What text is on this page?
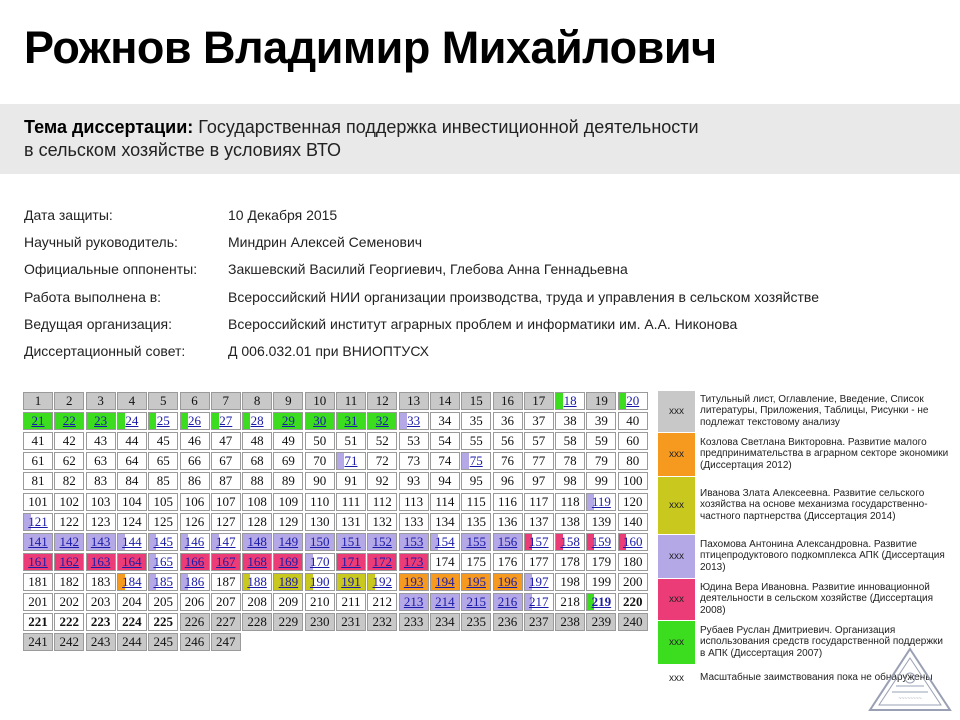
Рожнов Владимир Михайлович
Тема диссертации: Государственная поддержка инвестиционной деятельности
в сельском хозяйстве в условиях ВТО
Дата защиты:	10 Декабря 2015
Научный руководитель:	Миндрин Алексей Семенович
Официальные оппоненты:	Закшевский Василий Георгиевич, Глебова Анна Геннадьевна
Работа выполнена в:	Всероссийский НИИ организации производства, труда и управления в сельском хозяйстве
Ведущая организация:	Всероссийский институт аграрных проблем и информатики им. А.А. Никонова
Диссертационный совет:	Д 006.032.01 при ВНИОПТУСХ
1	2	3	4	5	6	7	8	9	10	11	12	13	14	15	16	17	18	19	20
21	22	23	24	25	26	27	28	29	30	31	32	33	34	35	36	37	38	39	40
41	42	43	44	45	46	47	48	49	50	51	52	53	54	55	56	57	58	59	60
61	62	63	64	65	66	67	68	69	70	71	72	73	74	75	76	77	78	79	80
81	82	83	84	85	86	87	88	89	90	91	92	93	94	95	96	97	98	99	100
101 102 103 104 105 106 107 108 109 110 111 112 113 114 115 116 117 118 119 120
121 122 123 124 125 126 127 128 129 130 131 132 133 134 135 136 137 138 139 140
141 142 143 144 145 146 147 148 149 150 151 152 153 154 155 156 157 158 159 160
161 162 163 164 165 166 167 168 169 170 171 172 173 174 175 176 177 178 179 180
181 182 183 184 185 186 187 188 189 190 191 192 193 194 195 196 197 198 199 200
201 202 203 204 205 206 207 208 209 210 211 212 213 214 215 216 217 218 219 220
221 222 223 224 225 226 227 228 229 230 231 232 233 234 235 236 237 238 239 240
241 242 243 244 245 246 247
xxx
Титульный лист, Оглавление, Введение, Список литературы, Приложения, Таблицы, Рисунки - не подлежат текстовому анализу
xxx
Козлова Светлана Викторовна. Развитие малого предпринимательства в аграрном секторе экономики (Диссертация 2012)
xxx
Иванова Злата Алексеевна. Развитие сельского хозяйства на основе механизма государственно-частного партнерства (Диссертация 2014)
xxx
Пахомова Антонина Александровна. Развитие птицепродуктового подкомплекса АПК (Диссертация 2013)
xxx
Юдина Вера Ивановна. Развитие инновационной деятельности в сельском хозяйстве (Диссертация 2008)
xxx
Рубаев Руслан Дмитриевич. Организация использования средств государственной поддержки в АПК (Диссертация 2007)
xxx	Масштабные заимствования пока не обнаружены
~~~~~~~~
